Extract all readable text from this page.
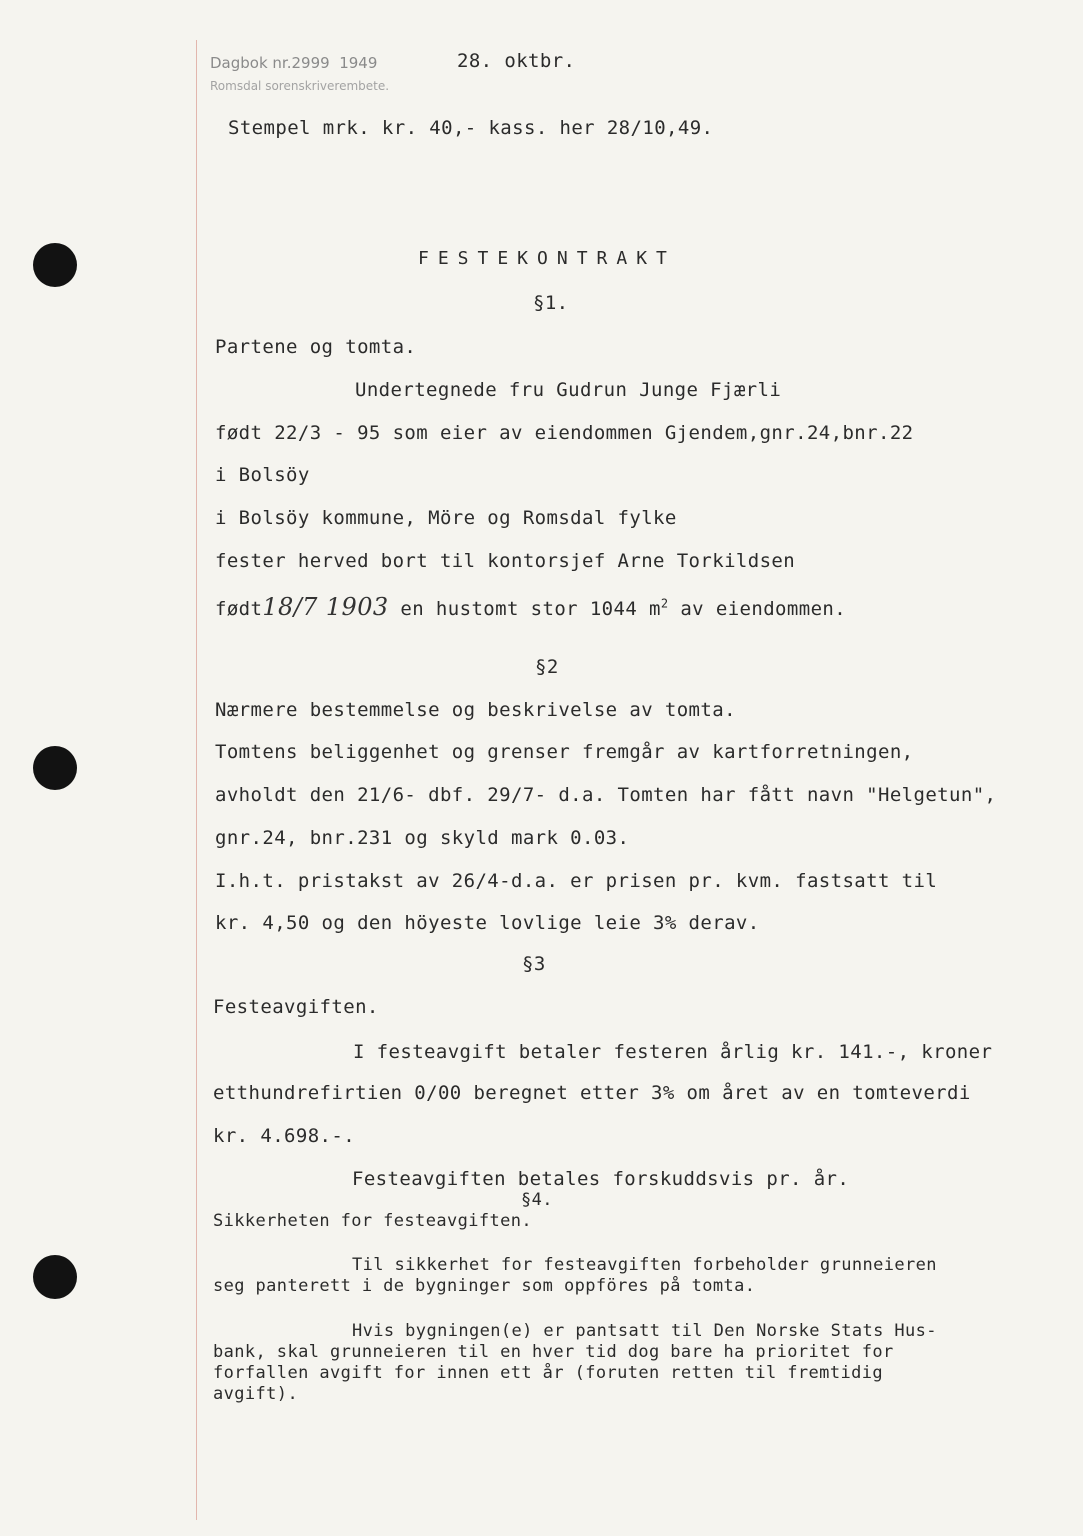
Dagbok nr.2999 1949	28. oktbr.
Romsdal sorenskriverembete.
Stempel mrk. kr. 40,- kass. her 28/10,49.
FESTEKONTRAKT
§1.
Partene og tomta.
Undertegnede fru Gudrun Junge Fjærli
født 22/3 - 95 som eier av eiendommen Gjendem,gnr.24,bnr.22
i Bolsöy
i Bolsöy kommune, Möre og Romsdal fylke
fester herved bort til kontorsjef Arne Torkildsen
født18/7 1903 en hustomt stor 1044 $m^2$ av eiendommen.
§2
Nærmere bestemmelse og beskrivelse av tomta.
Tomtens beliggenhet og grenser fremgår av kartforretningen,
avholdt den 21/6- dbf. 29/7- d.a. Tomten har fått navn "Helgetun",
gnr.24, bnr.231 og skyld mark 0.03.
I.h.t. pristakst av 26/4-d.a. er prisen pr. kvm. fastsatt til
kr. 4,50 og den höyeste lovlige leie 3% derav.
§3
Festeavgiften.
I festeavgift betaler festeren årlig kr. 141.-, kroner
etthundrefirtien 0/00 beregnet etter 3% om året av en tomteverdi
kr. 4.698.-.
Festeavgiften betales forskuddsvis pr. år.
§4.
Sikkerheten for festeavgiften.
Til sikkerhet for festeavgiften forbeholder grunneieren
seg panterett i de bygninger som oppföres på tomta.
Hvis bygningen(e) er pantsatt til Den Norske Stats Hus-
bank, skal grunneieren til en hver tid dog bare ha prioritet for
forfallen avgift for innen ett år (foruten retten til fremtidig
avgift).
